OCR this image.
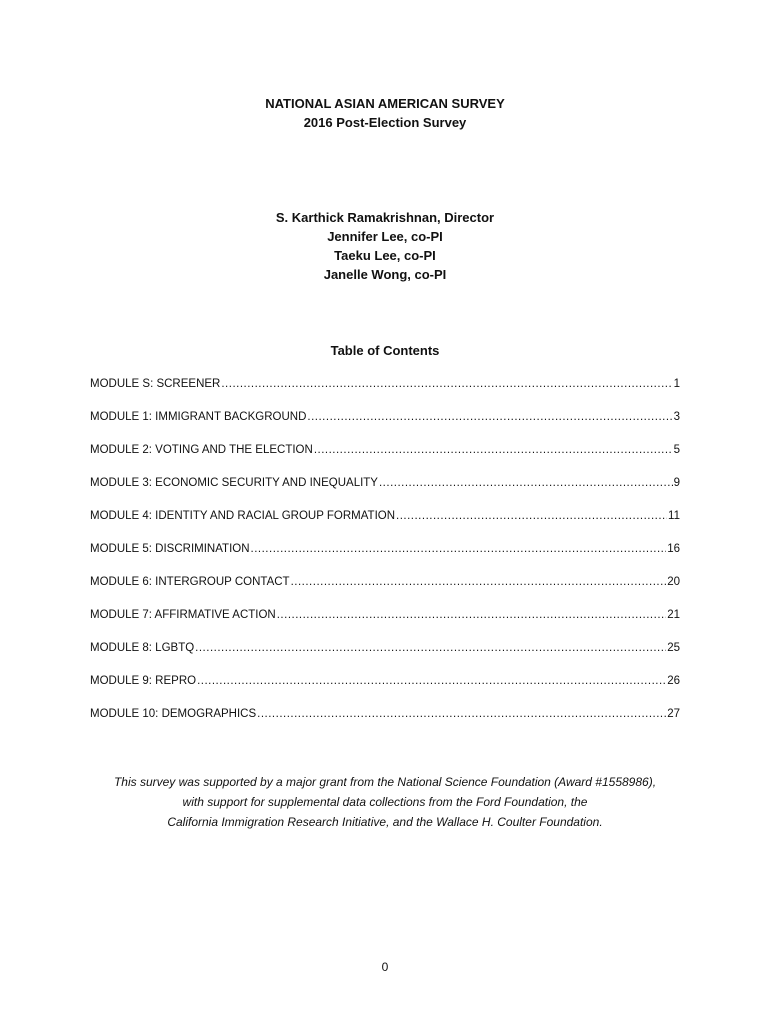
NATIONAL ASIAN AMERICAN SURVEY
2016 Post-Election Survey
S. Karthick Ramakrishnan, Director
Jennifer Lee, co-PI
Taeku Lee, co-PI
Janelle Wong, co-PI
Table of Contents
MODULE S: SCREENER .....	1
MODULE 1: IMMIGRANT BACKGROUND .....	3
MODULE 2: VOTING AND THE ELECTION .....	5
MODULE 3: ECONOMIC SECURITY AND INEQUALITY .....	9
MODULE 4: IDENTITY AND RACIAL GROUP FORMATION .....	11
MODULE 5: DISCRIMINATION .....	16
MODULE 6: INTERGROUP CONTACT .....	20
MODULE 7: AFFIRMATIVE ACTION .....	21
MODULE 8: LGBTQ .....	25
MODULE 9: REPRO .....	26
MODULE 10: DEMOGRAPHICS .....	27
This survey was supported by a major grant from the National Science Foundation (Award #1558986),
with support for supplemental data collections from the Ford Foundation, the
California Immigration Research Initiative, and the Wallace H. Coulter Foundation.
0
